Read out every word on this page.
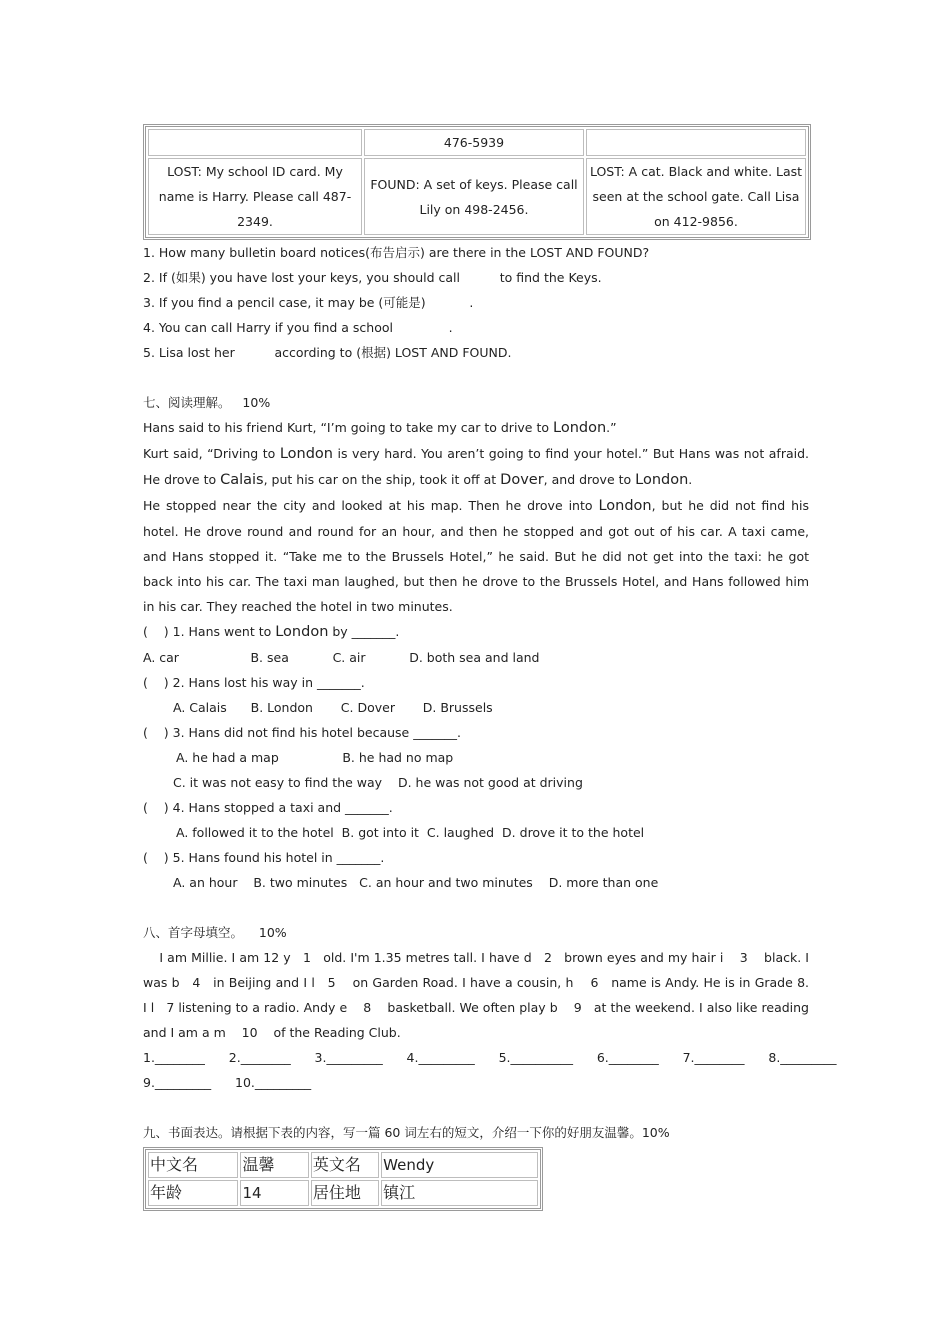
	476-5939	
LOST: My school ID card. My name is Harry. Please call 487-2349.	FOUND: A set of keys. Please call Lily on 498-2456.	LOST: A cat. Black and white. Last seen at the school gate. Call Lisa on 412-9856.
1. How many bulletin board notices(布告启示) are there in the LOST AND FOUND?
2. If (如果) you have lost your keys, you should call          to find the Keys.
3. If you find a pencil case, it may be (可能是)           .
4. You can call Harry if you find a school              .
5. Lisa lost her          according to (根据) LOST AND FOUND.
七、阅读理解。   10%
Hans said to his friend Kurt, “I’m going to take my car to drive to London.”
Kurt said, “Driving to London is very hard. You aren’t going to find your hotel.” But Hans was not afraid. He drove to Calais, put his car on the ship, took it off at Dover, and drove to London.
He stopped near the city and looked at his map. Then he drove into London, but he did not find his hotel. He drove round and round for an hour, and then he stopped and got out of his car. A taxi came, and Hans stopped it. “Take me to the Brussels Hotel,” he said. But he did not get into the taxi: he got back into his car. The taxi man laughed, but then he drove to the Brussels Hotel, and Hans followed him in his car. They reached the hotel in two minutes.
(    ) 1. Hans went to London by _______.
A. car                  B. sea           C. air           D. both sea and land
(    ) 2. Hans lost his way in _______.
A. Calais      B. London       C. Dover       D. Brussels
(    ) 3. Hans did not find his hotel because _______.
A. he had a map                B. he had no map
C. it was not easy to find the way    D. he was not good at driving
(    ) 4. Hans stopped a taxi and _______.
A. followed it to the hotel  B. got into it  C. laughed  D. drove it to the hotel
(    ) 5. Hans found his hotel in _______.
A. an hour    B. two minutes   C. an hour and two minutes    D. more than one
八、首字母填空。    10%
I am Millie. I am 12 y   1   old. I'm 1.35 metres tall. I have d   2   brown eyes and my hair i    3    black. I was b   4   in Beijing and I l   5    on Garden Road. I have a cousin, h    6   name is Andy. He is in Grade 8.      I l   7 listening to a radio. Andy e    8    basketball. We often play b    9   at the weekend. I also like reading and I am a m    10    of the Reading Club.
1.________      2.________      3._________      4._________      5.__________      6.________      7.________      8._________
9._________      10._________
九、书面表达。请根据下表的内容，写一篇 60 词左右的短文，介绍一下你的好朋友温馨。10%
中文名	温馨	英文名	Wendy
年龄	14	居住地	镇江
